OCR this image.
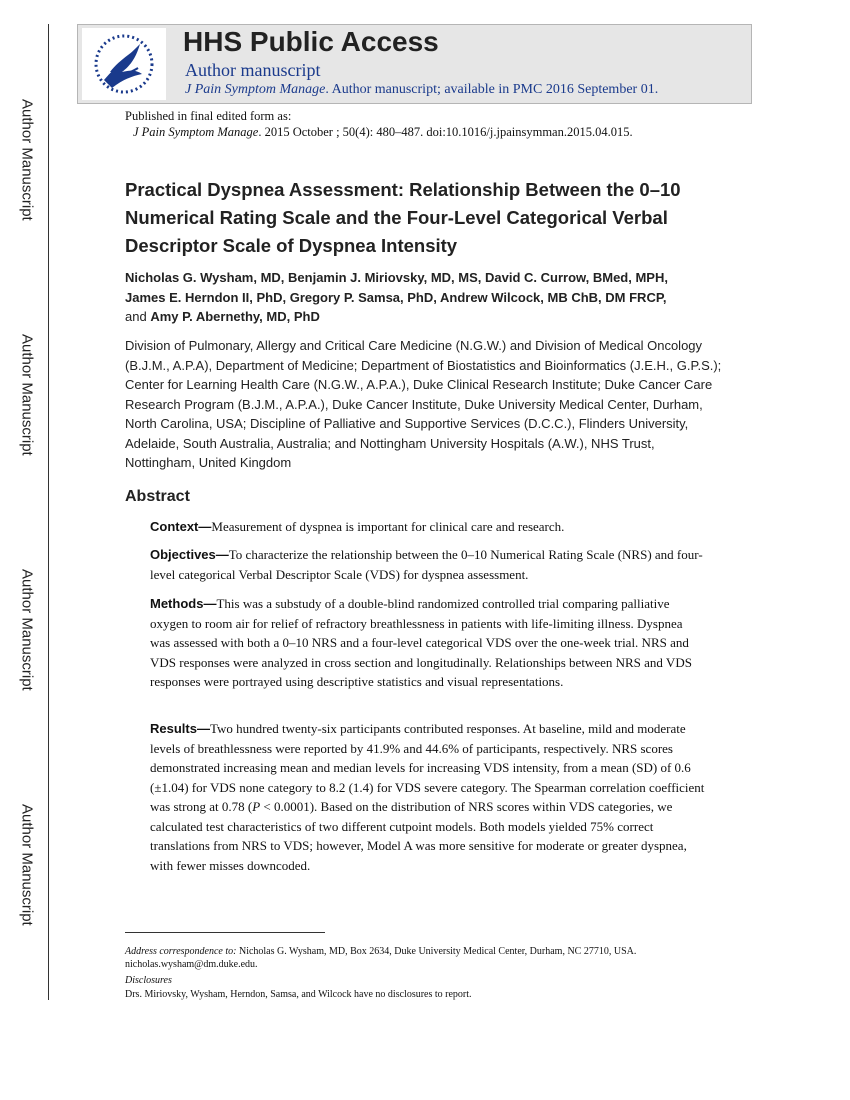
Author Manuscript
Author Manuscript
Author Manuscript
Author Manuscript
HHS Public Access
Author manuscript
J Pain Symptom Manage. Author manuscript; available in PMC 2016 September 01.
Published in final edited form as:
J Pain Symptom Manage. 2015 October ; 50(4): 480–487. doi:10.1016/j.jpainsymman.2015.04.015.
Practical Dyspnea Assessment: Relationship Between the 0–10 Numerical Rating Scale and the Four-Level Categorical Verbal Descriptor Scale of Dyspnea Intensity
Nicholas G. Wysham, MD, Benjamin J. Miriovsky, MD, MS, David C. Currow, BMed, MPH,
James E. Herndon II, PhD, Gregory P. Samsa, PhD, Andrew Wilcock, MB ChB, DM FRCP,
and Amy P. Abernethy, MD, PhD
Division of Pulmonary, Allergy and Critical Care Medicine (N.G.W.) and Division of Medical Oncology (B.J.M., A.P.A), Department of Medicine; Department of Biostatistics and Bioinformatics (J.E.H., G.P.S.); Center for Learning Health Care (N.G.W., A.P.A.), Duke Clinical Research Institute; Duke Cancer Care Research Program (B.J.M., A.P.A.), Duke Cancer Institute, Duke University Medical Center, Durham, North Carolina, USA; Discipline of Palliative and Supportive Services (D.C.C.), Flinders University, Adelaide, South Australia, Australia; and Nottingham University Hospitals (A.W.), NHS Trust, Nottingham, United Kingdom
Abstract
Context—Measurement of dyspnea is important for clinical care and research.
Objectives—To characterize the relationship between the 0–10 Numerical Rating Scale (NRS) and four-level categorical Verbal Descriptor Scale (VDS) for dyspnea assessment.
Methods—This was a substudy of a double-blind randomized controlled trial comparing palliative oxygen to room air for relief of refractory breathlessness in patients with life-limiting illness. Dyspnea was assessed with both a 0–10 NRS and a four-level categorical VDS over the one-week trial. NRS and VDS responses were analyzed in cross section and longitudinally. Relationships between NRS and VDS responses were portrayed using descriptive statistics and visual representations.
Results—Two hundred twenty-six participants contributed responses. At baseline, mild and moderate levels of breathlessness were reported by 41.9% and 44.6% of participants, respectively. NRS scores demonstrated increasing mean and median levels for increasing VDS intensity, from a mean (SD) of 0.6 (±1.04) for VDS none category to 8.2 (1.4) for VDS severe category. The Spearman correlation coefficient was strong at 0.78 (P < 0.0001). Based on the distribution of NRS scores within VDS categories, we calculated test characteristics of two different cutpoint models. Both models yielded 75% correct translations from NRS to VDS; however, Model A was more sensitive for moderate or greater dyspnea, with fewer misses downcoded.
Address correspondence to: Nicholas G. Wysham, MD, Box 2634, Duke University Medical Center, Durham, NC 27710, USA. nicholas.wysham@dm.duke.edu.
Disclosures
Drs. Miriovsky, Wysham, Herndon, Samsa, and Wilcock have no disclosures to report.
